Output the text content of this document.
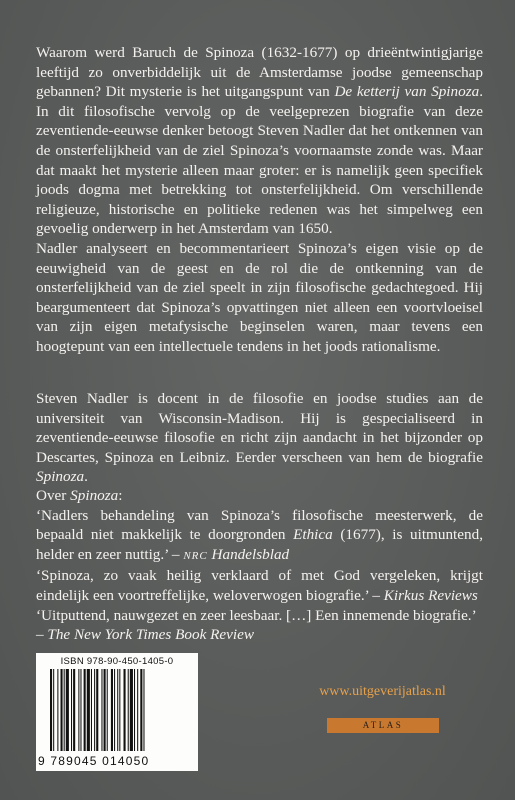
Waarom werd Baruch de Spinoza (1632-1677) op drieëntwintigjarige leeftijd zo onverbiddelijk uit de Amsterdamse joodse gemeenschap gebannen? Dit mysterie is het uitgangspunt van De ketterij van Spinoza. In dit filosofische vervolg op de veelgeprezen biografie van deze zeventiende-eeuwse denker betoogt Steven Nadler dat het ontkennen van de onsterfelijkheid van de ziel Spinoza’s voornaamste zonde was. Maar dat maakt het mysterie alleen maar groter: er is namelijk geen specifiek joods dogma met betrekking tot onsterfelijkheid. Om verschillende religieuze, historische en politieke redenen was het simpelweg een gevoelig onderwerp in het Amsterdam van 1650.

Nadler analyseert en becommentarieert Spinoza’s eigen visie op de eeuwigheid van de geest en de rol die de ontkenning van de onsterfelijkheid van de ziel speelt in zijn filosofische gedachtegoed. Hij beargumenteert dat Spinoza’s opvattingen niet alleen een voortvloeisel van zijn eigen metafysische beginselen waren, maar tevens een hoogtepunt van een intellectuele tendens in het joods rationalisme.

Steven Nadler is docent in de filosofie en joodse studies aan de universiteit van Wisconsin-Madison. Hij is gespecialiseerd in zeventiende-eeuwse filosofie en richt zijn aandacht in het bijzonder op Descartes, Spinoza en Leibniz. Eerder verscheen van hem de biografie Spinoza.

Over Spinoza:

‘Nadlers behandeling van Spinoza’s filosofische meesterwerk, de bepaald niet makkelijk te doorgronden Ethica (1677), is uitmuntend, helder en zeer nuttig.’ – NRC Handelsblad

‘Spinoza, zo vaak heilig verklaard of met God vergeleken, krijgt eindelijk een voortreffelijke, weloverwogen biografie.’ – Kirkus Reviews

‘Uitputtend, nauwgezet en zeer leesbaar. […] Een innemende biografie.’
– The New York Times Book Review

ISBN 978-90-450-1405-0
9 789045 014050
www.uitgeverijatlas.nl
ATLAS
